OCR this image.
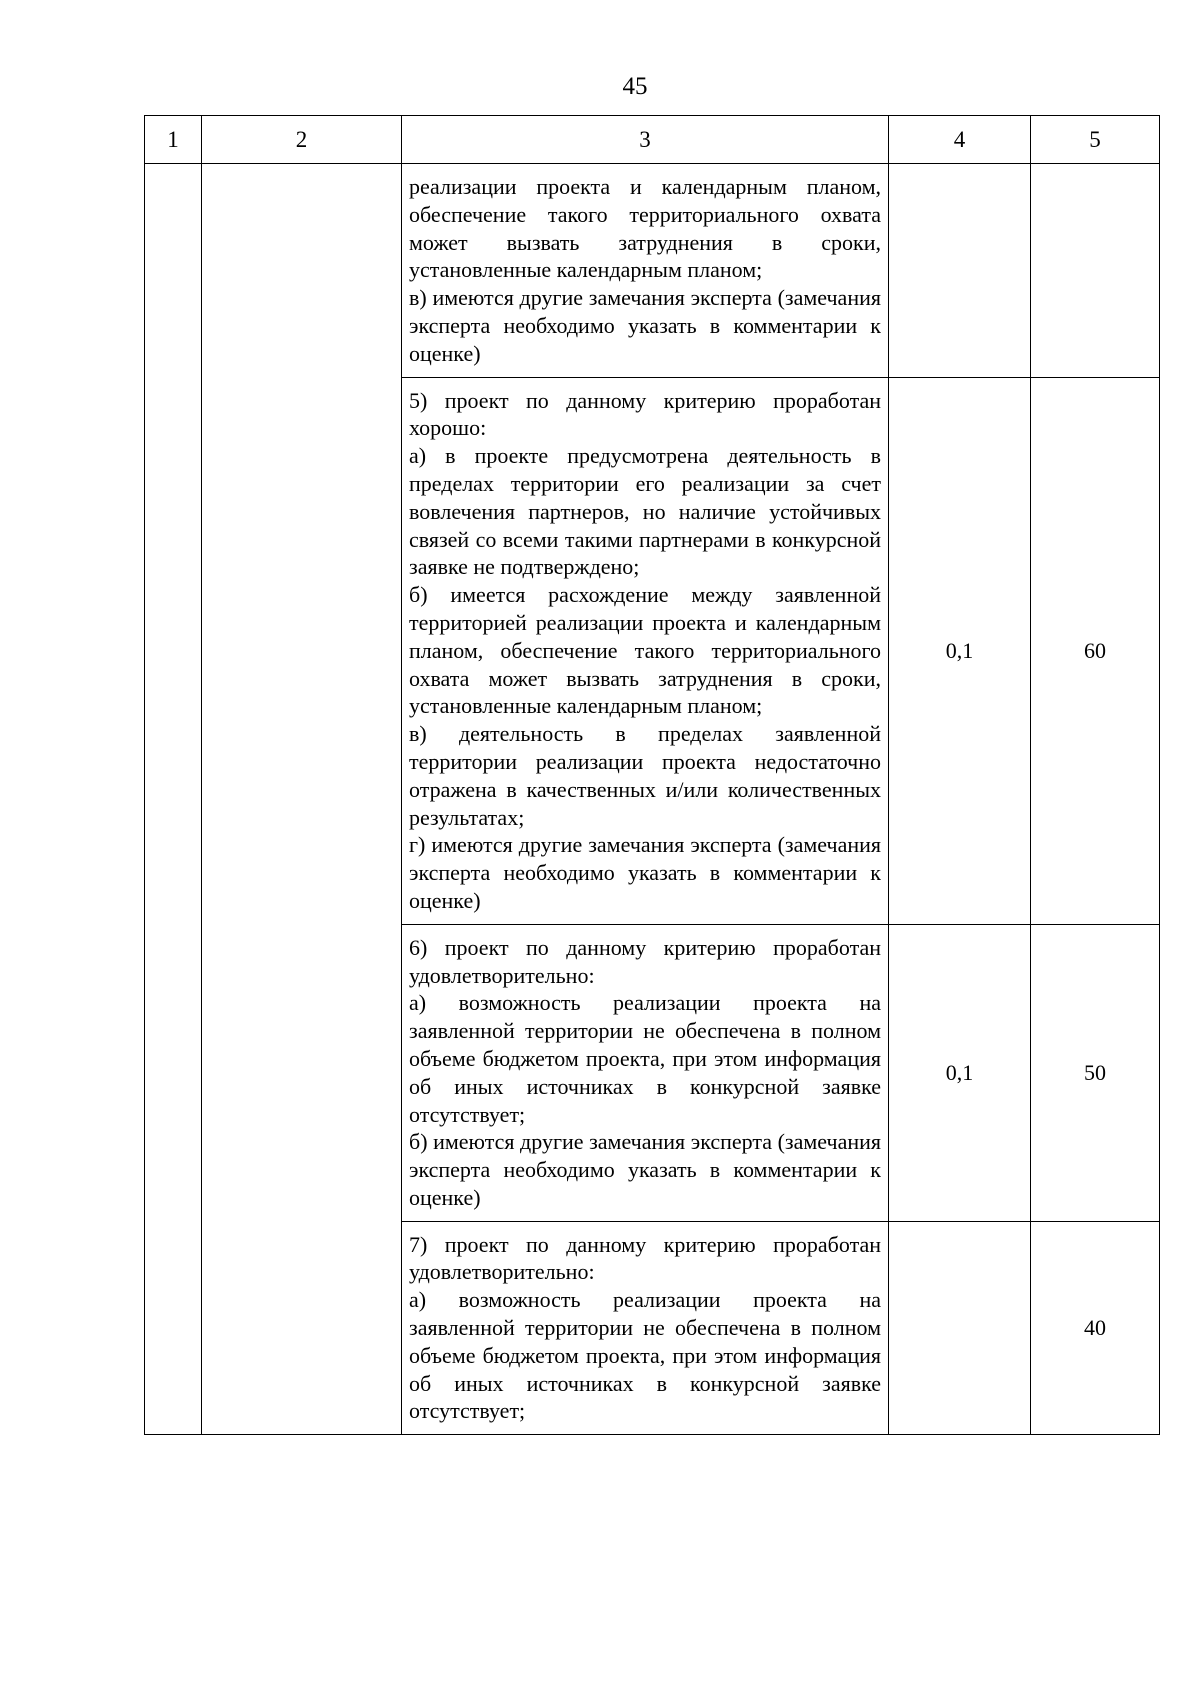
45
1	2	3	4	5

		реализации проекта и календарным планом, обеспечение такого территориального охвата может вызвать затруднения в сроки, установленные календарным планом;
в) имеются другие замечания эксперта (замечания эксперта необходимо указать в комментарии к оценке)		

		5) проект по данному критерию проработан хорошо:
а) в проекте предусмотрена деятельность в пределах территории его реализации за счет вовлечения партнеров, но наличие устойчивых связей со всеми такими партнерами в конкурсной заявке не подтверждено;
б) имеется расхождение между заявленной территорией реализации проекта и календарным планом, обеспечение такого территориального охвата может вызвать затруднения в сроки, установленные календарным планом;
в) деятельность в пределах заявленной территории реализации проекта недостаточно отражена в качественных и/или количественных результатах;
г) имеются другие замечания эксперта (замечания эксперта необходимо указать в комментарии к оценке)	0,1	60

		6) проект по данному критерию проработан удовлетворительно:
а) возможность реализации проекта на заявленной территории не обеспечена в полном объеме бюджетом проекта, при этом информация об иных источниках в конкурсной заявке отсутствует;
б) имеются другие замечания эксперта (замечания эксперта необходимо указать в комментарии к оценке)	0,1	50

		7) проект по данному критерию проработан удовлетворительно:
а) возможность реализации проекта на заявленной территории не обеспечена в полном объеме бюджетом проекта, при этом информация об иных источниках в конкурсной заявке отсутствует;		40
